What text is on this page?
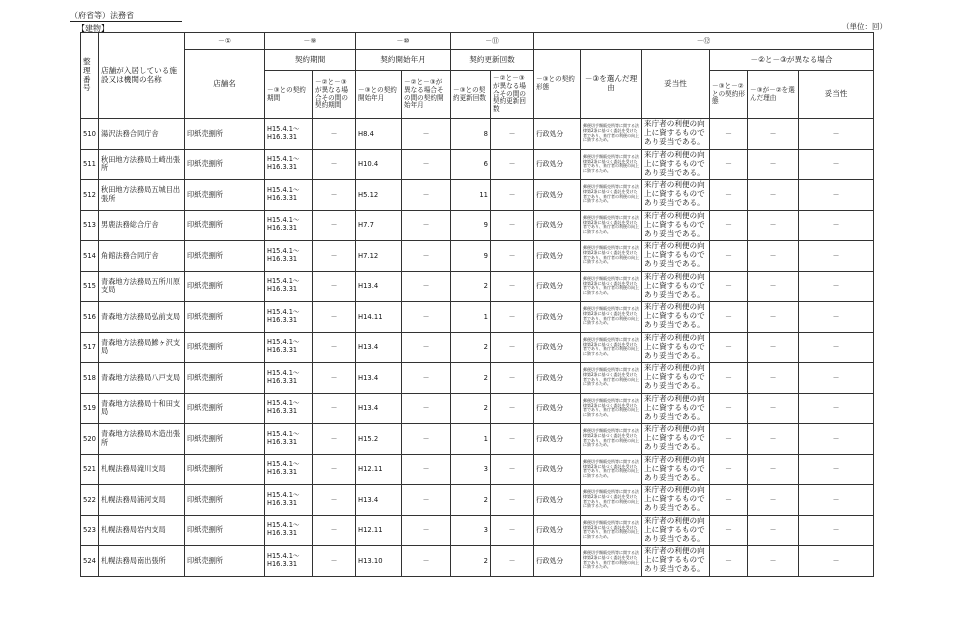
（府省等）法務省
【建物】	（単位：回）
整理番号	店舗が入居している施設又は機関の名称	－①	－⑨		－⑩		－⑪		－⑫					
		店舗名	契約期間		契約開始年月		契約更新回数		－③との契約形態	－③を選んだ理由	妥当性	－②と－③が異なる場合		
			－③との契約期間	－②と－③が異なる場合その間の契約期間	－③との契約開始年月	－②と－③が異なる場合その間の契約開始年月	－③との契約更新回数	－②と－③が異なる場合その間の契約更新回数				－③と－②との契約形態	－③が－②を選んだ理由	妥当性
510	湯沢法務合同庁舎	印紙売捌所	H15.4.1～H16.3.31	－	H8.4	－	8	－	行政処分	郵便切手類販売所等に関する法律第2条に基づく委託を受けた者であり、来庁者の利便の向上に資するため。	来庁者の利便の向上に資するものであり妥当である。	－	－	－
511	秋田地方法務局土崎出張所	印紙売捌所	H15.4.1～H16.3.31	－	H10.4	－	6	－	行政処分	郵便切手類販売所等に関する法律第2条に基づく委託を受けた者であり、来庁者の利便の向上に資するため。	来庁者の利便の向上に資するものであり妥当である。	－	－	－
512	秋田地方法務局五城目出張所	印紙売捌所	H15.4.1～H16.3.31	－	H5.12	－	11	－	行政処分	郵便切手類販売所等に関する法律第2条に基づく委託を受けた者であり、来庁者の利便の向上に資するため。	来庁者の利便の向上に資するものであり妥当である。	－	－	－
513	男鹿法務総合庁舎	印紙売捌所	H15.4.1～H16.3.31	－	H7.7	－	9	－	行政処分	郵便切手類販売所等に関する法律第2条に基づく委託を受けた者であり、来庁者の利便の向上に資するため。	来庁者の利便の向上に資するものであり妥当である。	－	－	－
514	角館法務合同庁舎	印紙売捌所	H15.4.1～H16.3.31	－	H7.12	－	9	－	行政処分	郵便切手類販売所等に関する法律第2条に基づく委託を受けた者であり、来庁者の利便の向上に資するため。	来庁者の利便の向上に資するものであり妥当である。	－	－	－
515	青森地方法務局五所川原支局	印紙売捌所	H15.4.1～H16.3.31	－	H13.4	－	2	－	行政処分	郵便切手類販売所等に関する法律第2条に基づく委託を受けた者であり、来庁者の利便の向上に資するため。	来庁者の利便の向上に資するものであり妥当である。	－	－	－
516	青森地方法務局弘前支局	印紙売捌所	H15.4.1～H16.3.31	－	H14.11	－	1	－	行政処分	郵便切手類販売所等に関する法律第2条に基づく委託を受けた者であり、来庁者の利便の向上に資するため。	来庁者の利便の向上に資するものであり妥当である。	－	－	－
517	青森地方法務局鰺ヶ沢支局	印紙売捌所	H15.4.1～H16.3.31	－	H13.4	－	2	－	行政処分	郵便切手類販売所等に関する法律第2条に基づく委託を受けた者であり、来庁者の利便の向上に資するため。	来庁者の利便の向上に資するものであり妥当である。	－	－	－
518	青森地方法務局八戸支局	印紙売捌所	H15.4.1～H16.3.31	－	H13.4	－	2	－	行政処分	郵便切手類販売所等に関する法律第2条に基づく委託を受けた者であり、来庁者の利便の向上に資するため。	来庁者の利便の向上に資するものであり妥当である。	－	－	－
519	青森地方法務局十和田支局	印紙売捌所	H15.4.1～H16.3.31	－	H13.4	－	2	－	行政処分	郵便切手類販売所等に関する法律第2条に基づく委託を受けた者であり、来庁者の利便の向上に資するため。	来庁者の利便の向上に資するものであり妥当である。	－	－	－
520	青森地方法務局木造出張所	印紙売捌所	H15.4.1～H16.3.31	－	H15.2	－	1	－	行政処分	郵便切手類販売所等に関する法律第2条に基づく委託を受けた者であり、来庁者の利便の向上に資するため。	来庁者の利便の向上に資するものであり妥当である。	－	－	－
521	札幌法務局滝川支局	印紙売捌所	H15.4.1～H16.3.31	－	H12.11	－	3	－	行政処分	郵便切手類販売所等に関する法律第2条に基づく委託を受けた者であり、来庁者の利便の向上に資するため。	来庁者の利便の向上に資するものであり妥当である。	－	－	－
522	札幌法務局浦河支局	印紙売捌所	H15.4.1～H16.3.31	－	H13.4	－	2	－	行政処分	郵便切手類販売所等に関する法律第2条に基づく委託を受けた者であり、来庁者の利便の向上に資するため。	来庁者の利便の向上に資するものであり妥当である。	－	－	－
523	札幌法務局岩内支局	印紙売捌所	H15.4.1～H16.3.31	－	H12.11	－	3	－	行政処分	郵便切手類販売所等に関する法律第2条に基づく委託を受けた者であり、来庁者の利便の向上に資するため。	来庁者の利便の向上に資するものであり妥当である。	－	－	－
524	札幌法務局南出張所	印紙売捌所	H15.4.1～H16.3.31	－	H13.10	－	2	－	行政処分	郵便切手類販売所等に関する法律第2条に基づく委託を受けた者であり、来庁者の利便の向上に資するため。	来庁者の利便の向上に資するものであり妥当である。	－	－	－
